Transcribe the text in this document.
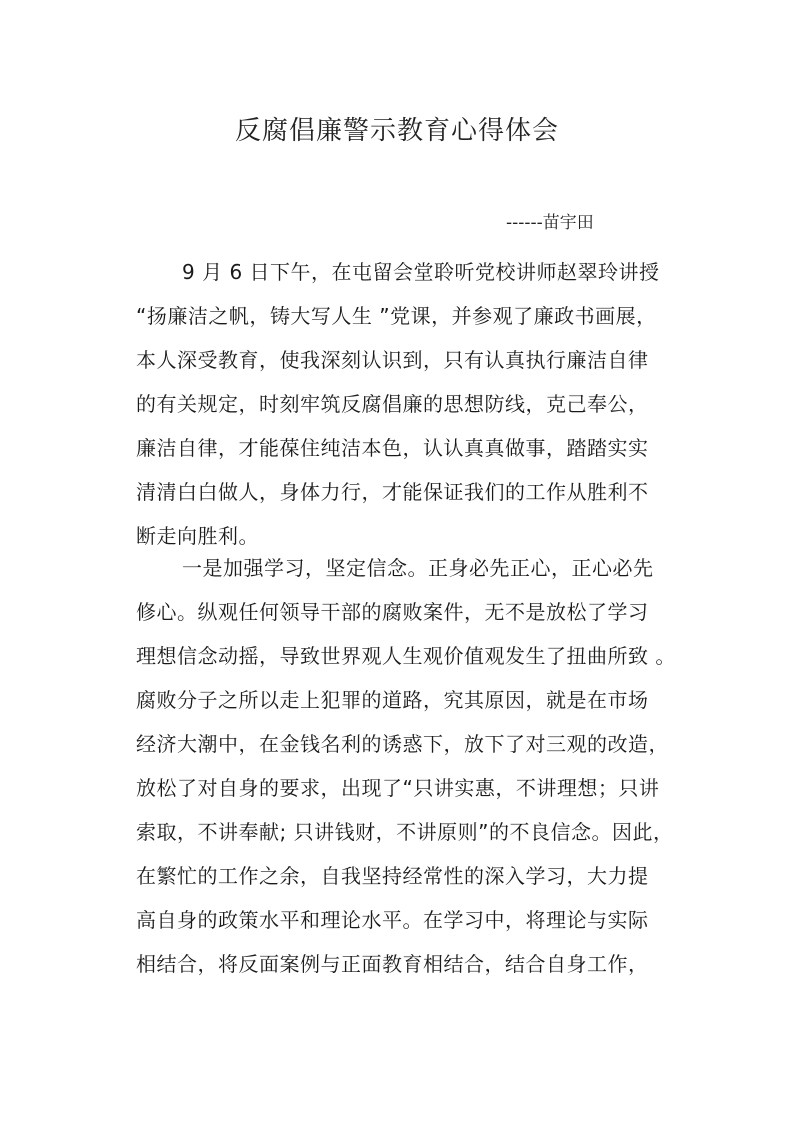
反腐倡廉警示教育心得体会
------苗宇田
9 月 6 日下午，在屯留会堂聆听党校讲师赵翠玲讲授
“扬廉洁之帆，铸大写人生 ”党课，并参观了廉政书画展，
本人深受教育，使我深刻认识到，只有认真执行廉洁自律
的有关规定，时刻牢筑反腐倡廉的思想防线，克己奉公，
廉洁自律，才能葆住纯洁本色，认认真真做事，踏踏实实
清清白白做人，身体力行，才能保证我们的工作从胜利不
断走向胜利。
一是加强学习，坚定信念。正身必先正心，正心必先
修心。纵观任何领导干部的腐败案件，无不是放松了学习
理想信念动摇，导致世界观人生观价值观发生了扭曲所致 。
腐败分子之所以走上犯罪的道路，究其原因，就是在市场
经济大潮中，在金钱名利的诱惑下，放下了对三观的改造，
放松了对自身的要求，出现了“只讲实惠，不讲理想；只讲
索取，不讲奉献; 只讲钱财，不讲原则”的不良信念。因此，
在繁忙的工作之余，自我坚持经常性的深入学习，大力提
高自身的政策水平和理论水平。在学习中，将理论与实际
相结合，将反面案例与正面教育相结合，结合自身工作，
